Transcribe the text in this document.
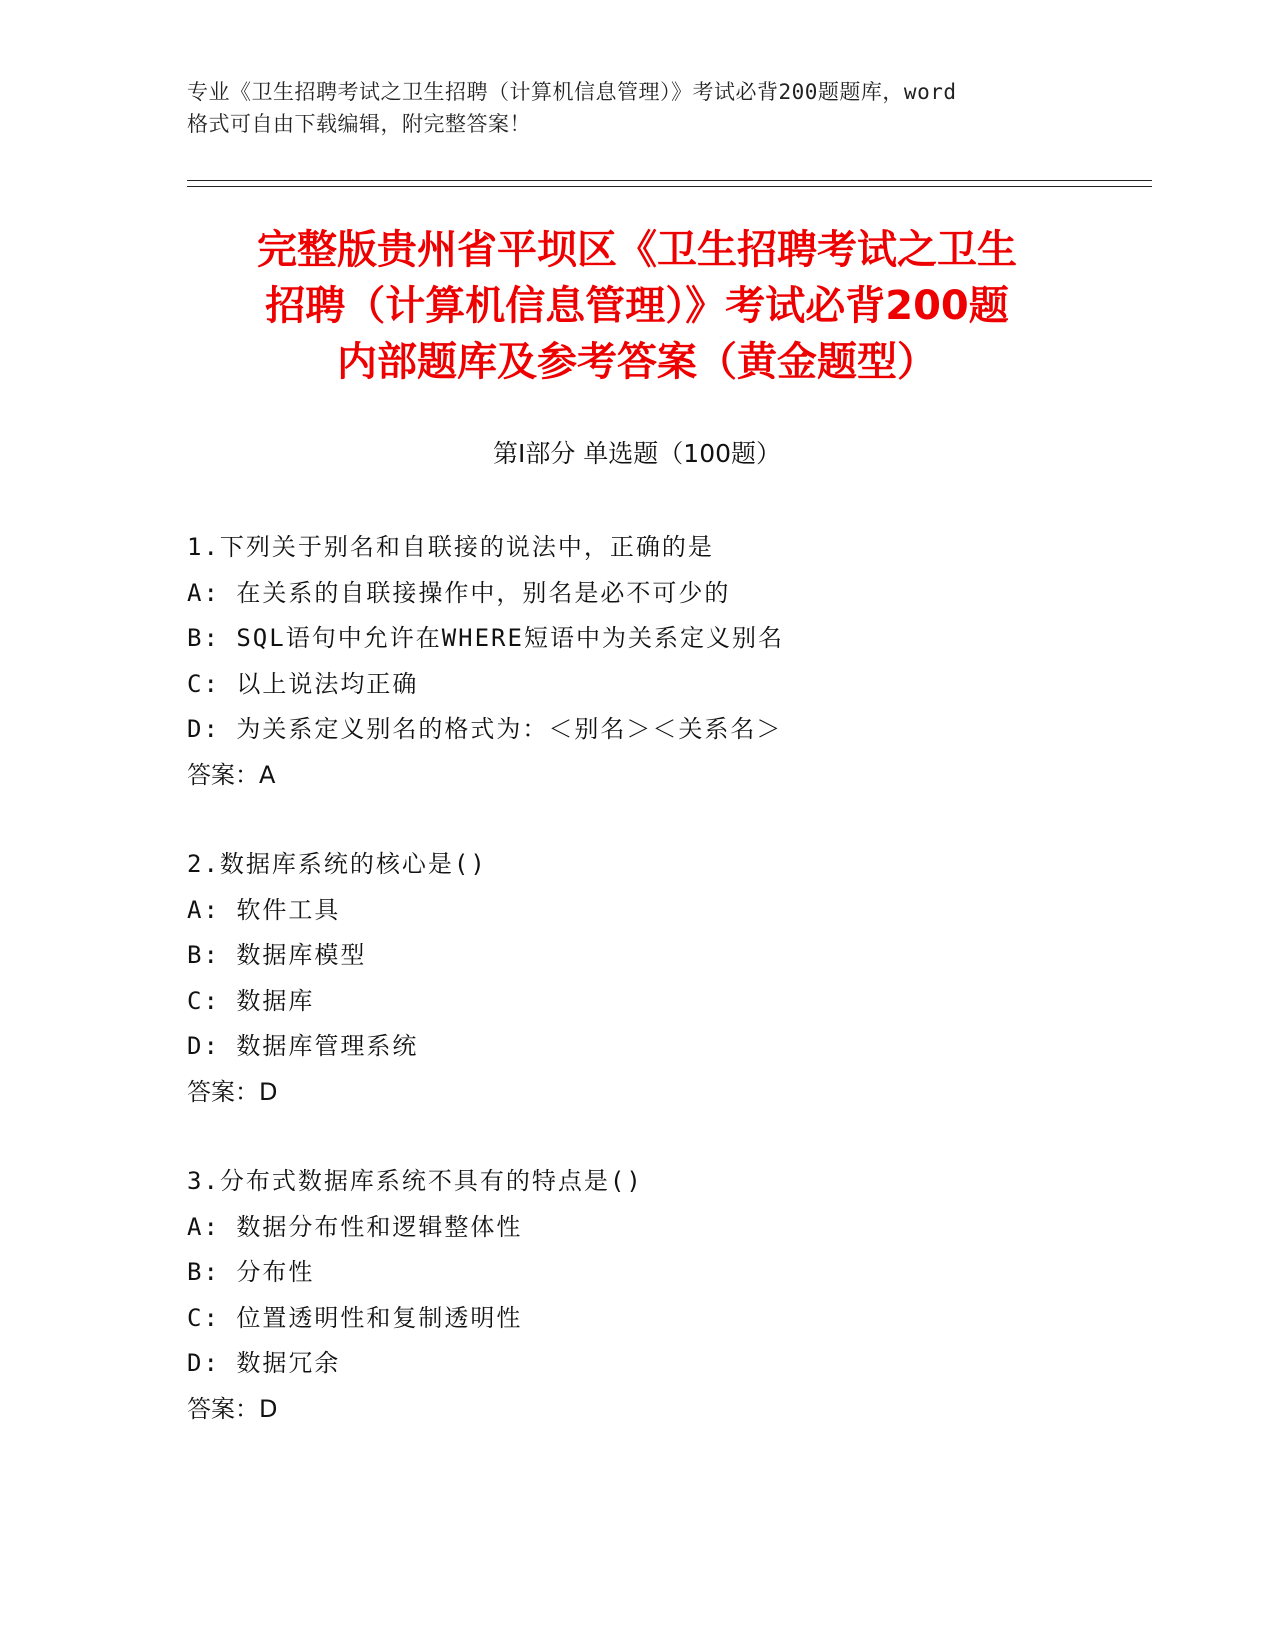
专业《卫生招聘考试之卫生招聘（计算机信息管理）》考试必背200题题库，word
格式可自由下载编辑，附完整答案！
完整版贵州省平坝区《卫生招聘考试之卫生
招聘（计算机信息管理）》考试必背200题
内部题库及参考答案（黄金题型）
第Ⅰ部分 单选题（100题）
1.下列关于别名和自联接的说法中，正确的是
A: 在关系的自联接操作中，别名是必不可少的
B: SQL语句中允许在WHERE短语中为关系定义别名
C: 以上说法均正确
D: 为关系定义别名的格式为：＜别名＞＜关系名＞
答案：A
2.数据库系统的核心是()
A: 软件工具
B: 数据库模型
C: 数据库
D: 数据库管理系统
答案：D
3.分布式数据库系统不具有的特点是()
A: 数据分布性和逻辑整体性
B: 分布性
C: 位置透明性和复制透明性
D: 数据冗余
答案：D
